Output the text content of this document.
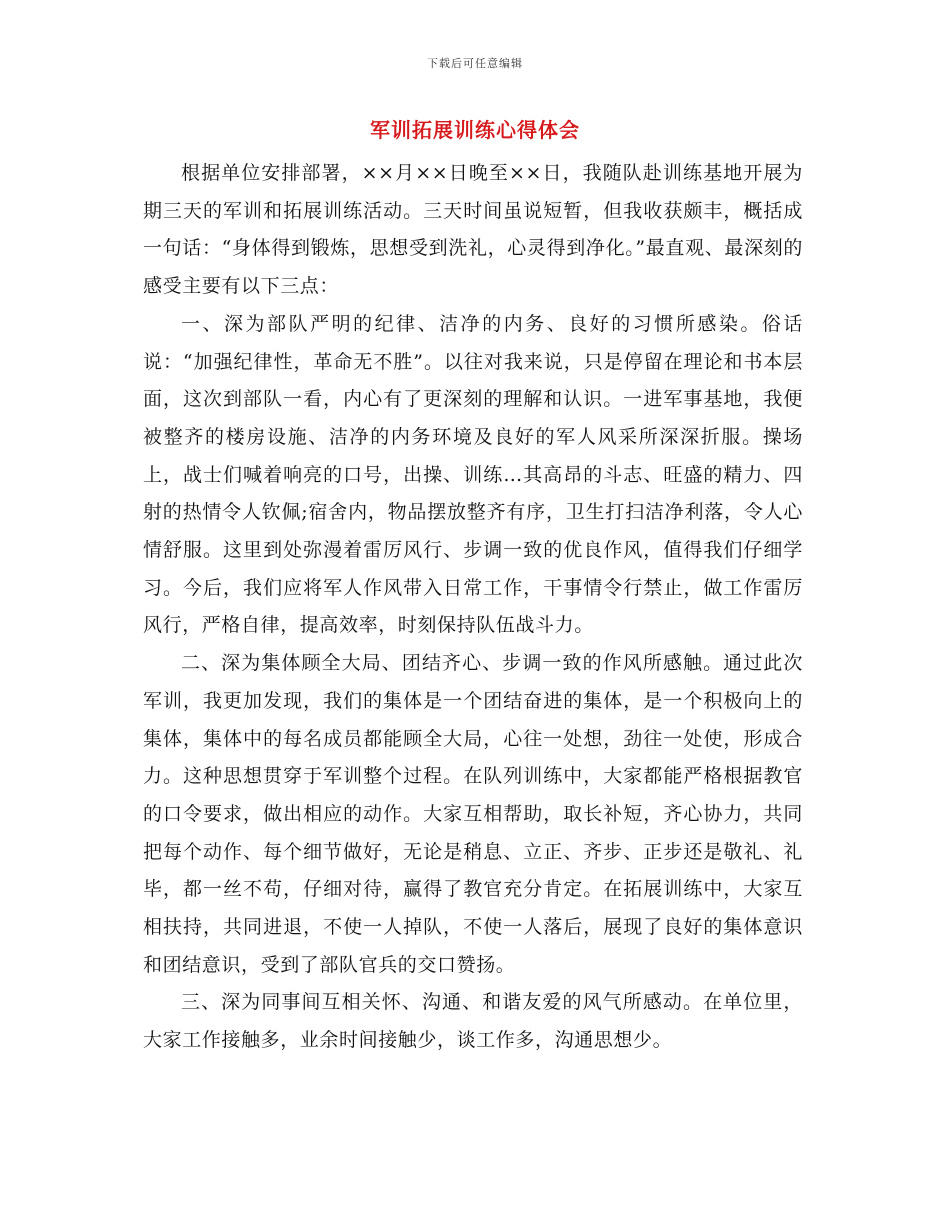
下载后可任意编辑
军训拓展训练心得体会

根据单位安排部署，××月××日晚至××日，我随队赴训练基地开展为期三天的军训和拓展训练活动。三天时间虽说短暂，但我收获颇丰，概括成一句话：“身体得到锻炼，思想受到洗礼，心灵得到净化。”最直观、最深刻的感受主要有以下三点：

一、深为部队严明的纪律、洁净的内务、良好的习惯所感染。俗话说：“加强纪律性，革命无不胜”。以往对我来说，只是停留在理论和书本层面，这次到部队一看，内心有了更深刻的理解和认识。一进军事基地，我便被整齐的楼房设施、洁净的内务环境及良好的军人风采所深深折服。操场上，战士们喊着响亮的口号，出操、训练…其高昂的斗志、旺盛的精力、四射的热情令人钦佩;宿舍内，物品摆放整齐有序，卫生打扫洁净利落，令人心情舒服。这里到处弥漫着雷厉风行、步调一致的优良作风，值得我们仔细学习。今后，我们应将军人作风带入日常工作，干事情令行禁止，做工作雷厉风行，严格自律，提高效率，时刻保持队伍战斗力。

二、深为集体顾全大局、团结齐心、步调一致的作风所感触。通过此次军训，我更加发现，我们的集体是一个团结奋进的集体，是一个积极向上的集体，集体中的每名成员都能顾全大局，心往一处想，劲往一处使，形成合力。这种思想贯穿于军训整个过程。在队列训练中，大家都能严格根据教官的口令要求，做出相应的动作。大家互相帮助，取长补短，齐心协力，共同把每个动作、每个细节做好，无论是稍息、立正、齐步、正步还是敬礼、礼毕，都一丝不苟，仔细对待，赢得了教官充分肯定。在拓展训练中，大家互相扶持，共同进退，不使一人掉队，不使一人落后，展现了良好的集体意识和团结意识，受到了部队官兵的交口赞扬。

三、深为同事间互相关怀、沟通、和谐友爱的风气所感动。在单位里，大家工作接触多，业余时间接触少，谈工作多，沟通思想少。
